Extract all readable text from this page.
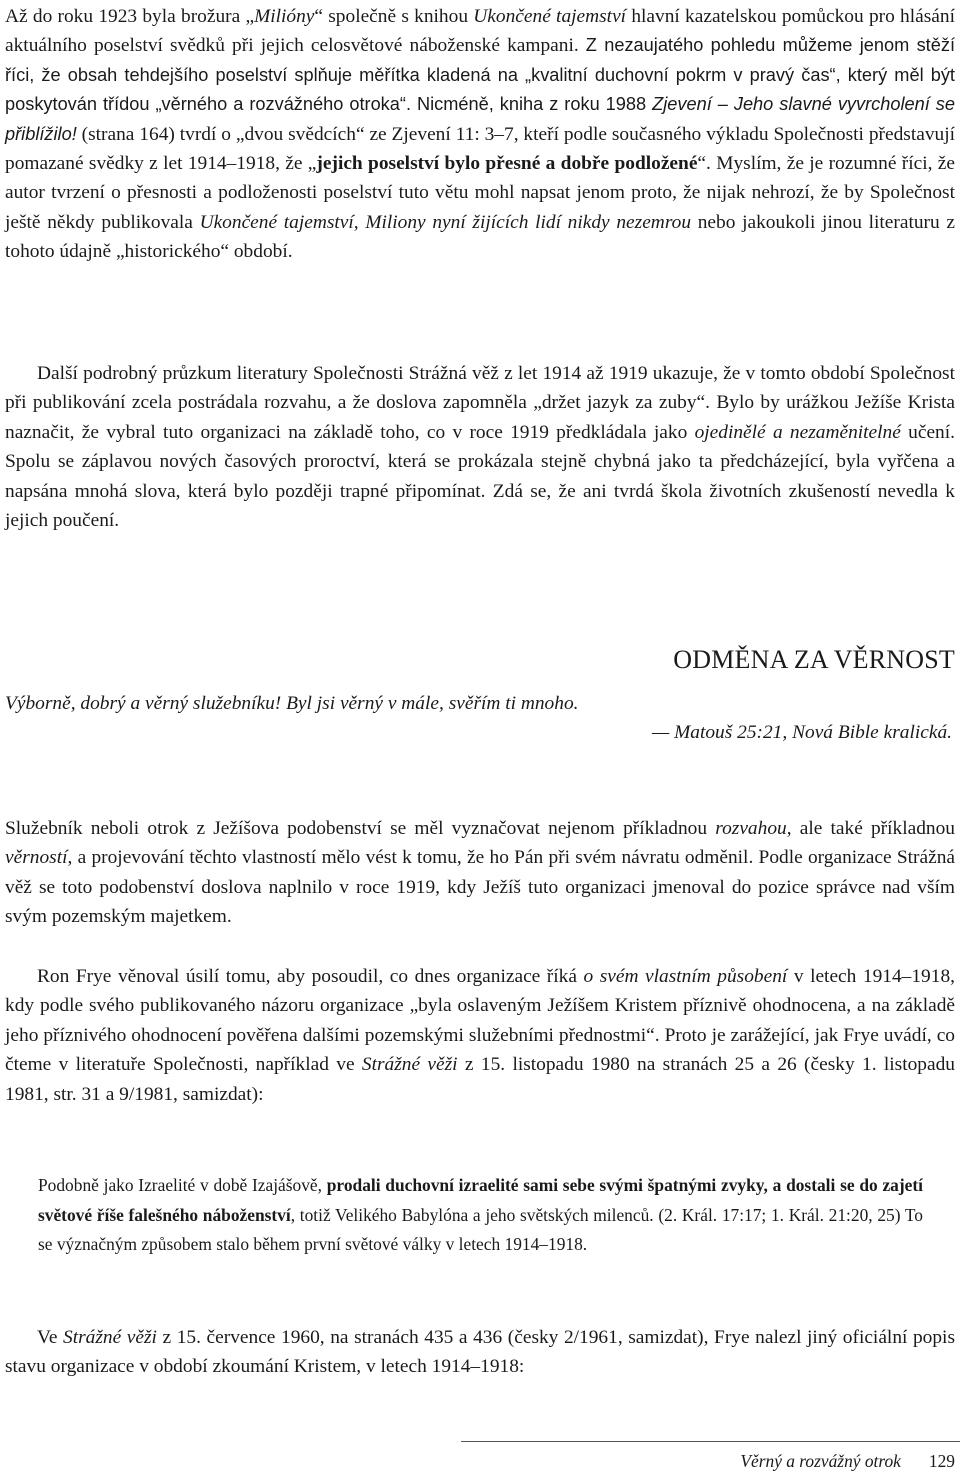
Až do roku 1923 byla brožura „Milióny“ společně s knihou Ukončené tajemství hlavní kazatelskou pomůckou pro hlásání aktuálního poselství svědků při jejich celosvětové náboženské kampani. Z nezaujatého pohledu můžeme jenom stěží říci, že obsah tehdejšího poselství splňuje měřítka kladená na „kvalitní duchovní pokrm v pravý čas“, který měl být poskytován třídou „věrného a rozvážného otroka“. Nicméně, kniha z roku 1988 Zjevení – Jeho slavné vyvrcholení se přiblížilo! (strana 164) tvrdí o „dvou svědcích“ ze Zjevení 11: 3–7, kteří podle současného výkladu Společnosti představují pomazané svědky z let 1914–1918, že „jejich poselství bylo přesné a dobře podložené“. Myslím, že je rozumné říci, že autor tvrzení o přesnosti a podloženosti poselství tuto větu mohl napsat jenom proto, že nijak nehrozí, že by Společnost ještě někdy publikovala Ukončené tajemství, Miliony nyní žijících lidí nikdy nezemrou nebo jakoukoli jinou literaturu z tohoto údajně „historického“ období.

Další podrobný průzkum literatury Společnosti Strážná věž z let 1914 až 1919 ukazuje, že v tomto období Společnost při publikování zcela postrádala rozvahu, a že doslova zapomněla „držet jazyk za zuby“. Bylo by urážkou Ježíše Krista naznačit, že vybral tuto organizaci na základě toho, co v roce 1919 předkládala jako ojedinělé a nezaměnitelné učení. Spolu se záplavou nových časových proroctví, která se prokázala stejně chybná jako ta předcházející, byla vyřčena a napsána mnohá slova, která bylo později trapné připomínat. Zdá se, že ani tvrdá škola životních zkušeností nevedla k jejich poučení.

ODMĚNA ZA VĚRNOST
Výborně, dobrý a věrný služebníku! Byl jsi věrný v mále, svěřím ti mnoho.
— Matouš 25:21, Nová Bible kralická.

Služebník neboli otrok z Ježíšova podobenství se měl vyznačovat nejenom příkladnou rozvahou, ale také příkladnou věrností, a projevování těchto vlastností mělo vést k tomu, že ho Pán při svém návratu odměnil. Podle organizace Strážná věž se toto podobenství doslova naplnilo v roce 1919, kdy Ježíš tuto organizaci jmenoval do pozice správce nad vším svým pozemským majetkem.

Ron Frye věnoval úsilí tomu, aby posoudil, co dnes organizace říká o svém vlastním působení v letech 1914–1918, kdy podle svého publikovaného názoru organizace „byla oslaveným Ježíšem Kristem příznivě ohodnocena, a na základě jeho příznivého ohodnocení pověřena dalšími pozemskými služebními přednostmi“. Proto je zarážející, jak Frye uvádí, co čteme v literatuře Společnosti, například ve Strážné věži z 15. listopadu 1980 na stranách 25 a 26 (česky 1. listopadu 1981, str. 31 a 9/1981, samizdat):

Podobně jako Izraelité v době Izajášově, prodali duchovní izraelité sami sebe svými špatnými zvyky, a dostali se do zajetí světové říše falešného náboženství, totiž Velikého Babylóna a jeho světských milenců. (2. Král. 17:17; 1. Král. 21:20, 25) To se význačným způsobem stalo během první světové války v letech 1914–1918.

Ve Strážné věži z 15. července 1960, na stranách 435 a 436 (česky 2/1961, samizdat), Frye nalezl jiný oficiální popis stavu organizace v období zkoumání Kristem, v letech 1914–1918:

Věrný a rozvážný otrok 129
